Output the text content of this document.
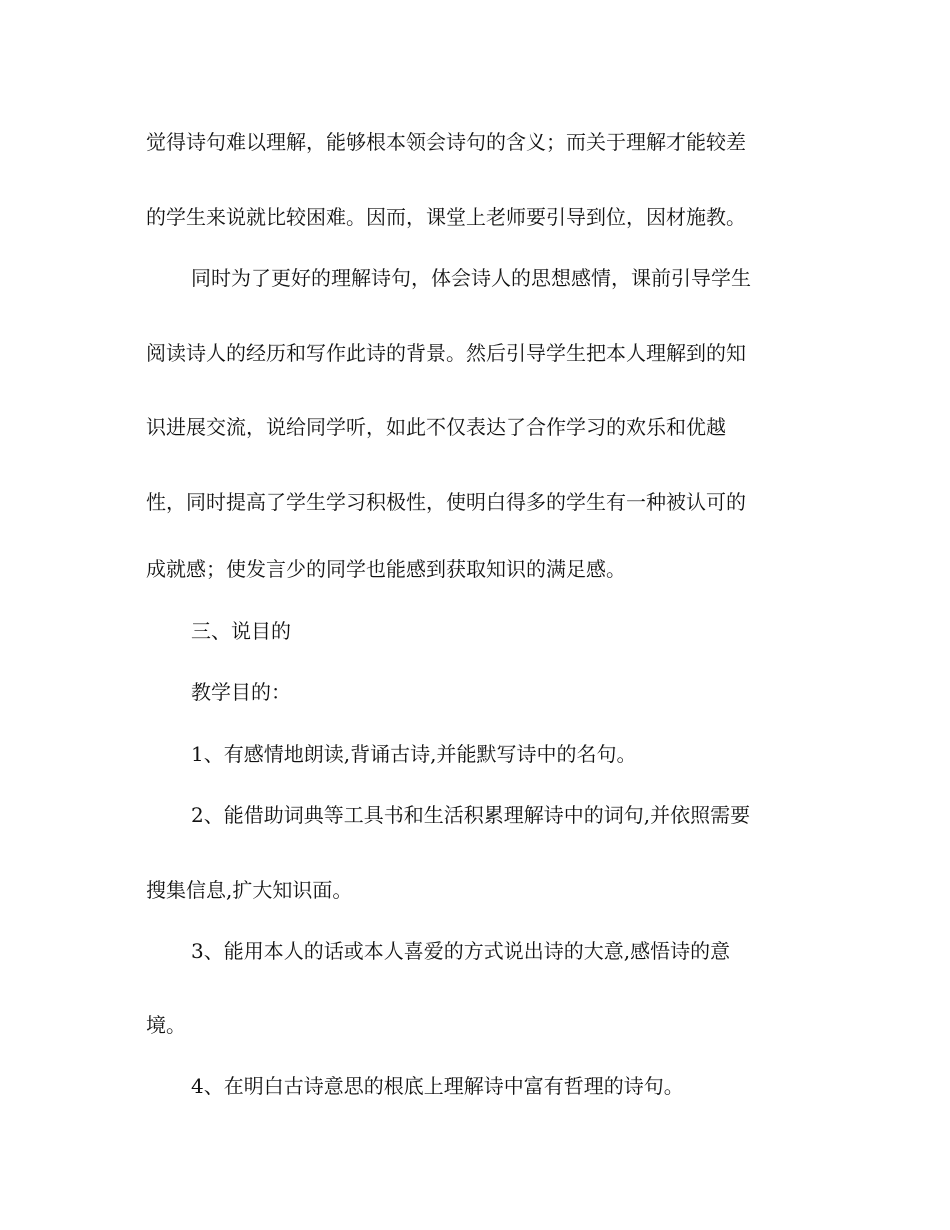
觉得诗句难以理解，能够根本领会诗句的含义；而关于理解才能较差
的学生来说就比较困难。因而，课堂上老师要引导到位，因材施教。
同时为了更好的理解诗句，体会诗人的思想感情，课前引导学生
阅读诗人的经历和写作此诗的背景。然后引导学生把本人理解到的知
识进展交流，说给同学听，如此不仅表达了合作学习的欢乐和优越
性，同时提高了学生学习积极性，使明白得多的学生有一种被认可的
成就感；使发言少的同学也能感到获取知识的满足感。
三、说目的
教学目的：
1、有感情地朗读,背诵古诗,并能默写诗中的名句。
2、能借助词典等工具书和生活积累理解诗中的词句,并依照需要
搜集信息,扩大知识面。
3、能用本人的话或本人喜爱的方式说出诗的大意,感悟诗的意
境。
4、在明白古诗意思的根底上理解诗中富有哲理的诗句。
